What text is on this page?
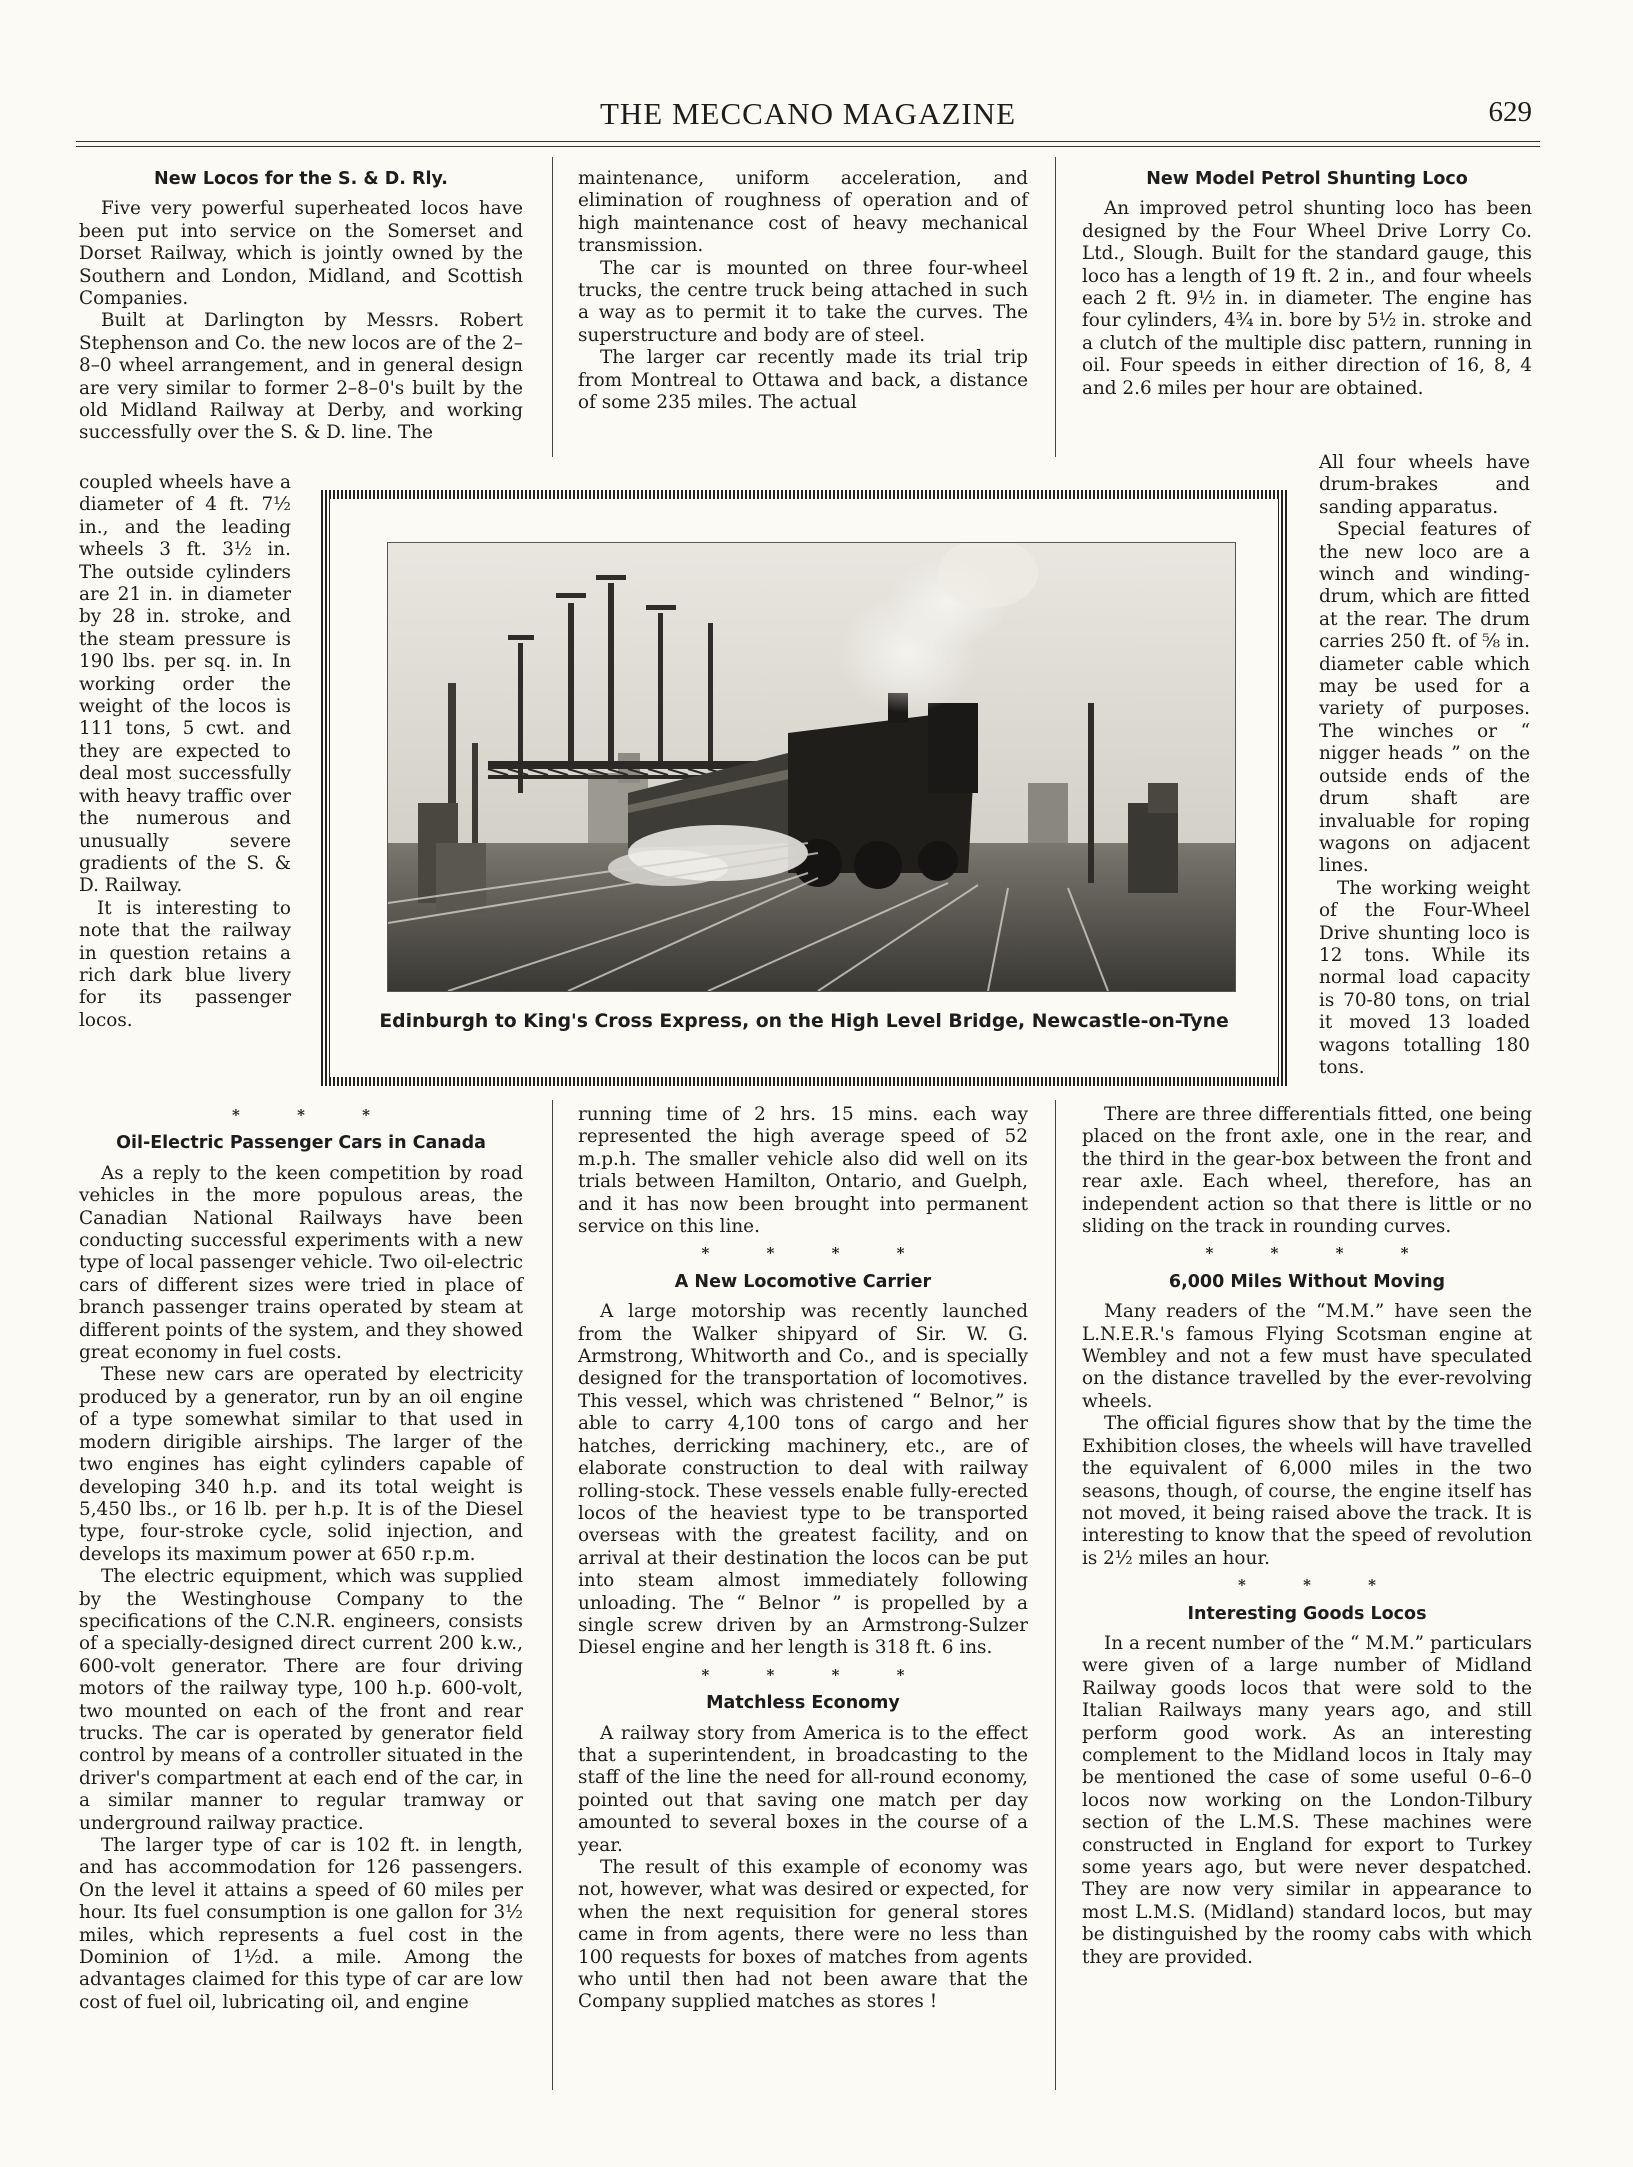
THE MECCANO MAGAZINE	629
New Locos for the S. & D. Rly.

Five very powerful superheated locos have been put into service on the Somerset and Dorset Railway, which is jointly owned by the Southern and London, Midland, and Scottish Companies.

Built at Darlington by Messrs. Robert Stephenson and Co. the new locos are of the 2–8–0 wheel arrangement, and in general design are very similar to former 2–8–0's built by the old Midland Railway at Derby, and working successfully over the S. & D. line. The

coupled wheels have a diameter of 4 ft. 7½ in., and the leading wheels 3 ft. 3½ in. The outside cylinders are 21 in. in diameter by 28 in. stroke, and the steam pressure is 190 lbs. per sq. in. In working order the weight of the locos is 111 tons, 5 cwt. and they are expected to deal most successfully with heavy traffic over the numerous and unusually severe gradients of the S. & D. Railway.

It is interesting to note that the railway in question retains a rich dark blue livery for its passenger locos.

maintenance, uniform acceleration, and elimination of roughness of operation and of high maintenance cost of heavy mechanical transmission.

The car is mounted on three four-wheel trucks, the centre truck being attached in such a way as to permit it to take the curves. The superstructure and body are of steel.

The larger car recently made its trial trip from Montreal to Ottawa and back, a distance of some 235 miles. The actual

New Model Petrol Shunting Loco

An improved petrol shunting loco has been designed by the Four Wheel Drive Lorry Co. Ltd., Slough. Built for the standard gauge, this loco has a length of 19 ft. 2 in., and four wheels each 2 ft. 9½ in. in diameter. The engine has four cylinders, 4¾ in. bore by 5½ in. stroke and a clutch of the multiple disc pattern, running in oil. Four speeds in either direction of 16, 8, 4 and 2.6 miles per hour are obtained.

All four wheels have drum-brakes and sanding apparatus.

Special features of the new loco are a winch and winding-drum, which are fitted at the rear. The drum carries 250 ft. of ⅝ in. diameter cable which may be used for a variety of purposes. The winches or “ nigger heads ” on the outside ends of the drum shaft are invaluable for roping wagons on adjacent lines.

The working weight of the Four-Wheel Drive shunting loco is 12 tons. While its normal load capacity is 70-80 tons, on trial it moved 13 loaded wagons totalling 180 tons.

Edinburgh to King's Cross Express, on the High Level Bridge, Newcastle-on-Tyne
* * *
Oil-Electric Passenger Cars in Canada

As a reply to the keen competition by road vehicles in the more populous areas, the Canadian National Railways have been conducting successful experiments with a new type of local passenger vehicle. Two oil-electric cars of different sizes were tried in place of branch passenger trains operated by steam at different points of the system, and they showed great economy in fuel costs.

These new cars are operated by electricity produced by a generator, run by an oil engine of a type somewhat similar to that used in modern dirigible airships. The larger of the two engines has eight cylinders capable of developing 340 h.p. and its total weight is 5,450 lbs., or 16 lb. per h.p. It is of the Diesel type, four-stroke cycle, solid injection, and develops its maximum power at 650 r.p.m.

The electric equipment, which was supplied by the Westinghouse Company to the specifications of the C.N.R. engineers, consists of a specially-designed direct current 200 k.w., 600-volt generator. There are four driving motors of the railway type, 100 h.p. 600-volt, two mounted on each of the front and rear trucks. The car is operated by generator field control by means of a controller situated in the driver's compartment at each end of the car, in a similar manner to regular tramway or underground railway practice.

The larger type of car is 102 ft. in length, and has accommodation for 126 passengers. On the level it attains a speed of 60 miles per hour. Its fuel consumption is one gallon for 3½ miles, which represents a fuel cost in the Dominion of 1½d. a mile. Among the advantages claimed for this type of car are low cost of fuel oil, lubricating oil, and engine

running time of 2 hrs. 15 mins. each way represented the high average speed of 52 m.p.h. The smaller vehicle also did well on its trials between Hamilton, Ontario, and Guelph, and it has now been brought into permanent service on this line.

* * * *
A New Locomotive Carrier

A large motorship was recently launched from the Walker shipyard of Sir. W. G. Armstrong, Whitworth and Co., and is specially designed for the transportation of locomotives. This vessel, which was christened “ Belnor,” is able to carry 4,100 tons of cargo and her hatches, derricking machinery, etc., are of elaborate construction to deal with railway rolling-stock. These vessels enable fully-erected locos of the heaviest type to be transported overseas with the greatest facility, and on arrival at their destination the locos can be put into steam almost immediately following unloading. The “ Belnor ” is propelled by a single screw driven by an Armstrong-Sulzer Diesel engine and her length is 318 ft. 6 ins.

* * * *
Matchless Economy

A railway story from America is to the effect that a superintendent, in broadcasting to the staff of the line the need for all-round economy, pointed out that saving one match per day amounted to several boxes in the course of a year.

The result of this example of economy was not, however, what was desired or expected, for when the next requisition for general stores came in from agents, there were no less than 100 requests for boxes of matches from agents who until then had not been aware that the Company supplied matches as stores !

There are three differentials fitted, one being placed on the front axle, one in the rear, and the third in the gear-box between the front and rear axle. Each wheel, therefore, has an independent action so that there is little or no sliding on the track in rounding curves.

* * * *
6,000 Miles Without Moving

Many readers of the “M.M.” have seen the L.N.E.R.'s famous Flying Scotsman engine at Wembley and not a few must have speculated on the distance travelled by the ever-revolving wheels.

The official figures show that by the time the Exhibition closes, the wheels will have travelled the equivalent of 6,000 miles in the two seasons, though, of course, the engine itself has not moved, it being raised above the track. It is interesting to know that the speed of revolution is 2½ miles an hour.

* * *
Interesting Goods Locos

In a recent number of the “ M.M.” particulars were given of a large number of Midland Railway goods locos that were sold to the Italian Railways many years ago, and still perform good work. As an interesting complement to the Midland locos in Italy may be mentioned the case of some useful 0–6–0 locos now working on the London-Tilbury section of the L.M.S. These machines were constructed in England for export to Turkey some years ago, but were never despatched. They are now very similar in appearance to most L.M.S. (Midland) standard locos, but may be distinguished by the roomy cabs with which they are provided.
